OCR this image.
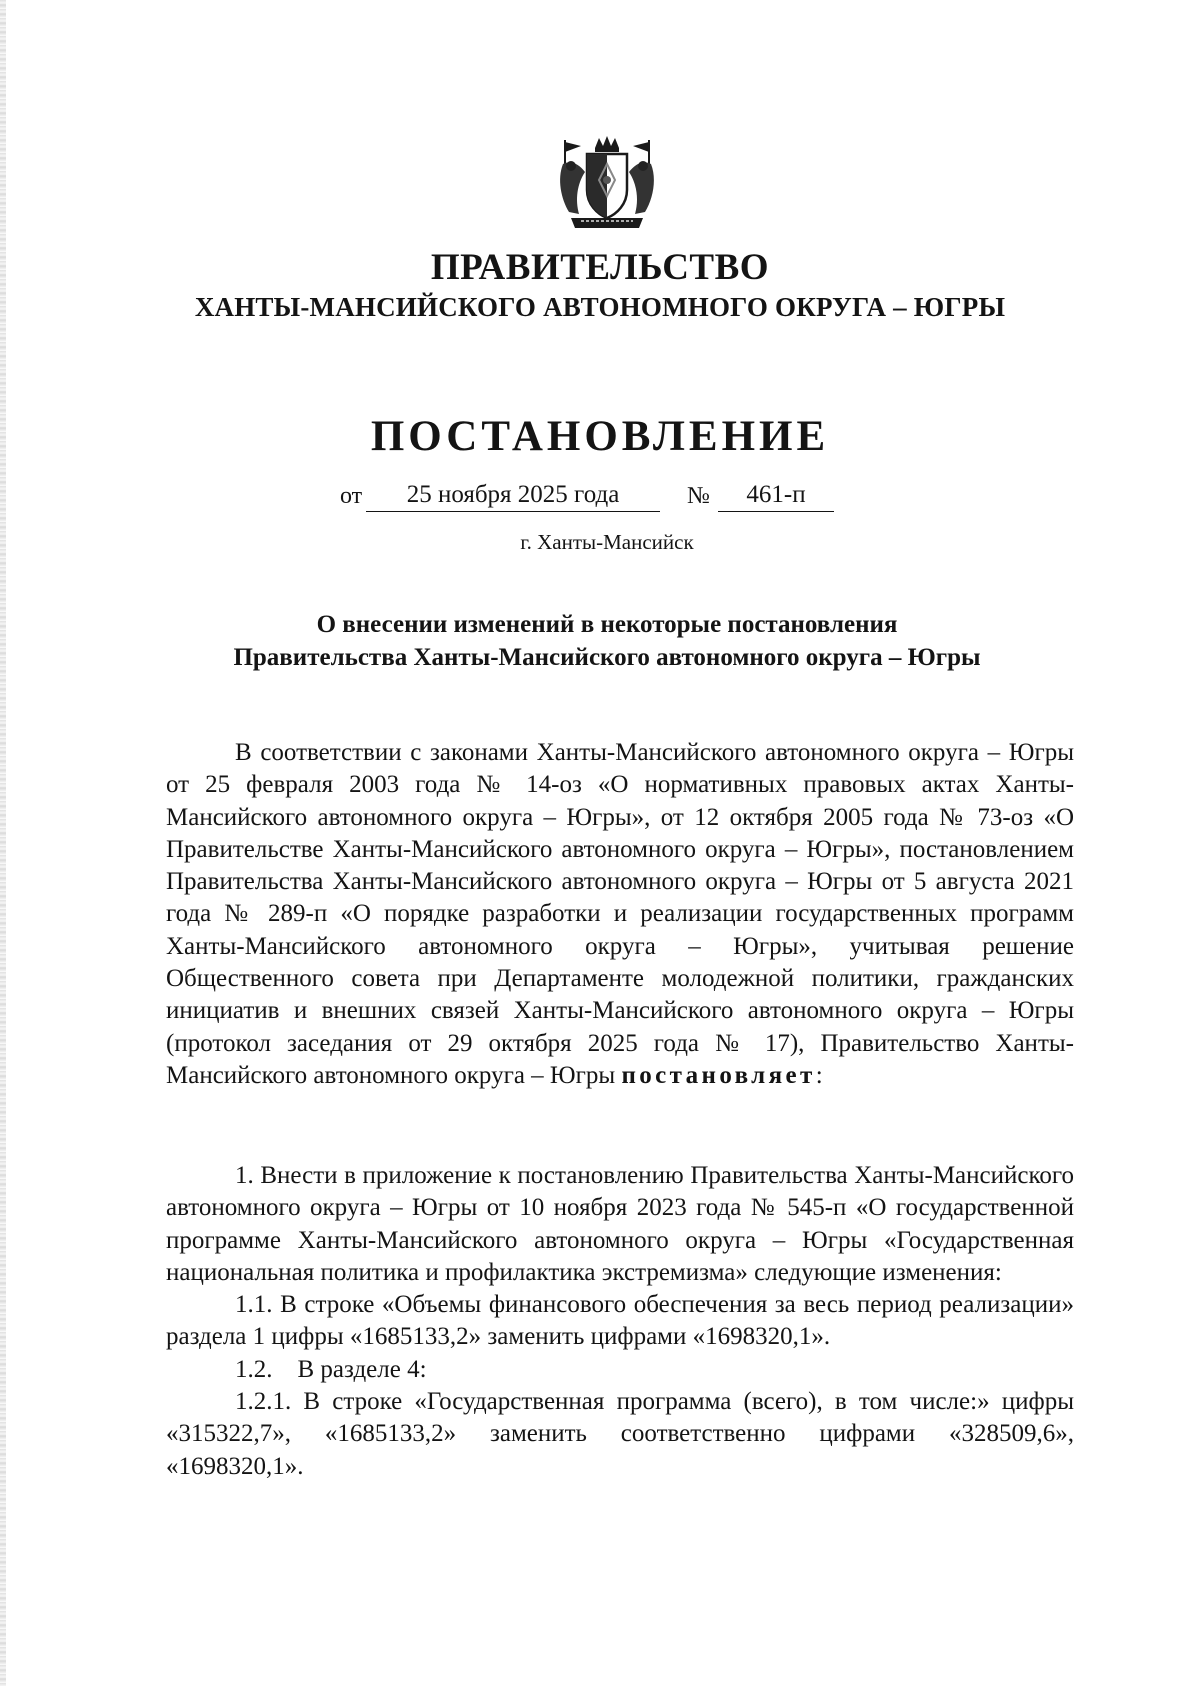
ПРАВИТЕЛЬСТВО
ХАНТЫ-МАНСИЙСКОГО АВТОНОМНОГО ОКРУГА – ЮГРЫ
ПОСТАНОВЛЕНИЕ
от	25 ноября 2025 года	№	461-п
г. Ханты-Мансийск
О внесении изменений в некоторые постановления
Правительства Ханты-Мансийского автономного округа – Югры

В соответствии с законами Ханты-Мансийского автономного округа – Югры от 25 февраля 2003 года № 14-оз «О нормативных правовых актах Ханты-Мансийского автономного округа – Югры», от 12 октября 2005 года № 73-оз «О Правительстве Ханты-Мансийского автономного округа – Югры», постановлением Правительства Ханты-Мансийского автономного округа – Югры от 5 августа 2021 года № 289-п «О порядке разработки и реализации государственных программ Ханты-Мансийского автономного округа – Югры», учитывая решение Общественного совета при Департаменте молодежной политики, гражданских инициатив и внешних связей Ханты-Мансийского автономного округа – Югры (протокол заседания от 29 октября 2025 года № 17), Правительство Ханты-Мансийского автономного округа – Югры постановляет:

1. Внести в приложение к постановлению Правительства Ханты-Мансийского автономного округа – Югры от 10 ноября 2023 года № 545-п «О государственной программе Ханты-Мансийского автономного округа – Югры «Государственная национальная политика и профилактика экстремизма» следующие изменения:

1.1. В строке «Объемы финансового обеспечения за весь период реализации» раздела 1 цифры «1685133,2» заменить цифрами «1698320,1».

1.2.    В разделе 4:

1.2.1. В строке «Государственная программа (всего), в том числе:» цифры «315322,7», «1685133,2» заменить соответственно цифрами «328509,6», «1698320,1».
